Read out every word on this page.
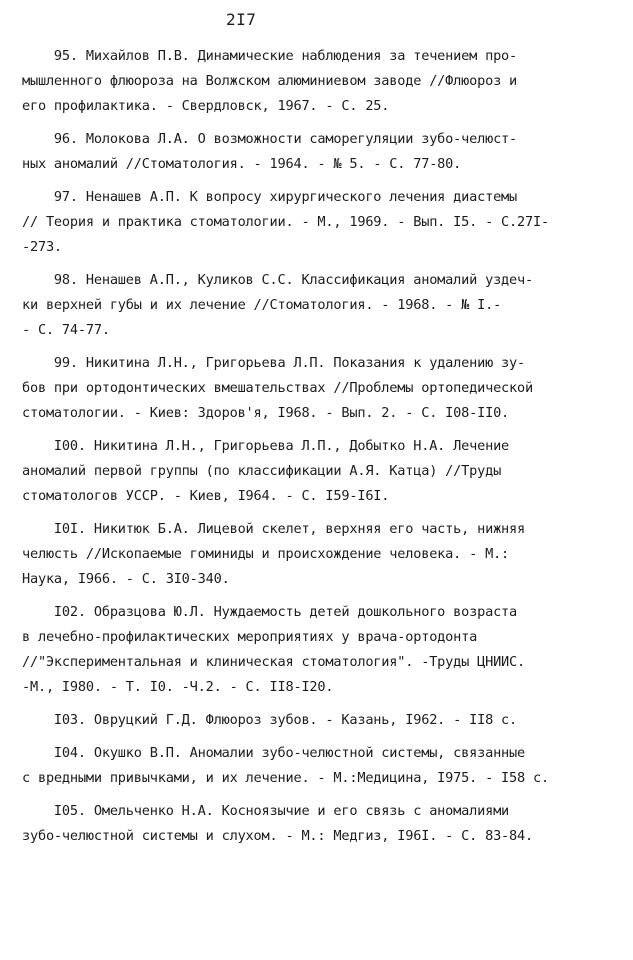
2I7
95. Михайлов П.В. Динамические наблюдения за течением про-
мышленного флюороза на Волжском алюминиевом заводе //Флюороз и
его профилактика. - Свердловск, 1967. - С. 25.
96. Молокова Л.А. О возможности саморегуляции зубо-челюст-
ных аномалий //Стоматология. - 1964. - № 5. - С. 77-80.
97. Ненашев А.П. К вопросу хирургического лечения диастемы
// Теория и практика стоматологии. - М., 1969. - Вып. I5. - С.27I-
-273.
98. Ненашев А.П., Куликов С.С. Классификация аномалий уздеч-
ки верхней губы и их лечение //Стоматология. - 1968. - № I.-
- С. 74-77.
99. Никитина Л.Н., Григорьева Л.П. Показания к удалению зу-
бов при ортодонтических вмешательствах //Проблемы ортопедической
стоматологии. - Киев: Здоров'я, I968. - Вып. 2. - С. I08-II0.
I00. Никитина Л.Н., Григорьева Л.П., Добытко Н.А. Лечение
аномалий первой группы (по классификации А.Я. Катца) //Труды
стоматологов УССР. - Киев, I964. - С. I59-I6I.
I0I. Никитюк Б.А. Лицевой скелет, верхняя его часть, нижняя
челюсть //Ископаемые гоминиды и происхождение человека. - М.:
Наука, I966. - С. 3I0-340.
I02. Образцова Ю.Л. Нуждаемость детей дошкольного возраста
в лечебно-профилактических мероприятиях у врача-ортодонта
//"Экспериментальная и клиническая стоматология". -Труды ЦНИИС.
-М., I980. - Т. I0. -Ч.2. - С. II8-I20.
I03. Овруцкий Г.Д. Флюороз зубов. - Казань, I962. - II8 с.
I04. Окушко В.П. Аномалии зубо-челюстной системы, связанные
с вредными привычками, и их лечение. - М.:Медицина, I975. - I58 с.
I05. Омельченко Н.А. Косноязычие и его связь с аномалиями
зубо-челюстной системы и слухом. - М.: Медгиз, I96I. - С. 83-84.
